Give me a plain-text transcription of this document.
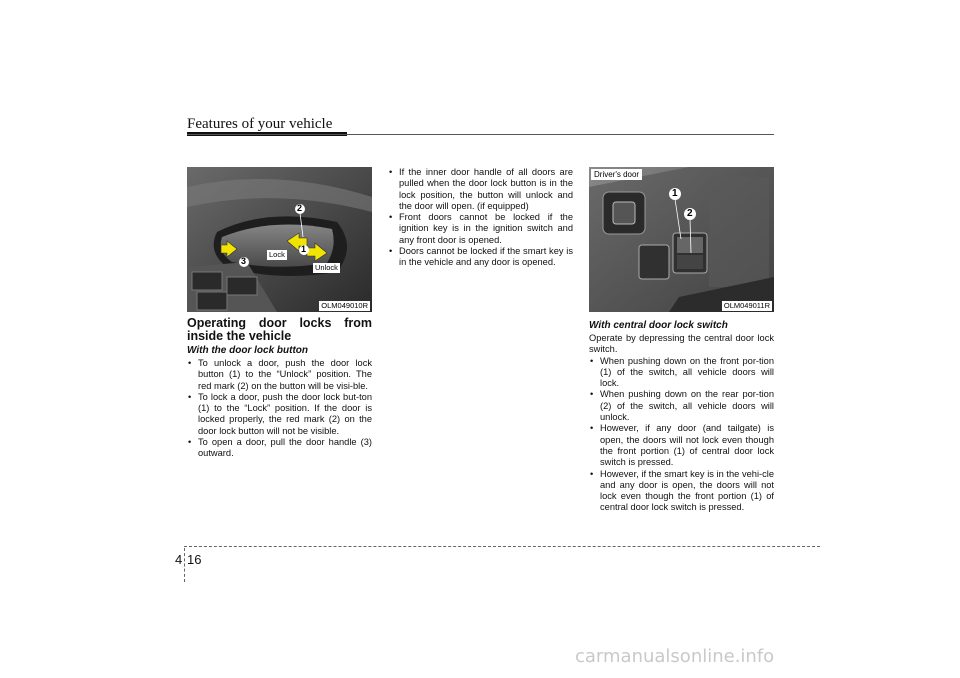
Features of your vehicle
2
1
3
Lock
Unlock
OLM049010R
1
2
Driver's door
OLM049011R
Operating door locks from inside the vehicle
With the door lock button
• To unlock a door, push the door lock button (1) to the “Unlock” position. The red mark (2) on the button will be visi-ble.
• To lock a door, push the door lock but-ton (1) to the “Lock” position. If the door is locked properly, the red mark (2) on the door lock button will not be visible.
• To open a door, pull the door handle (3) outward.
• If the inner door handle of all doors are pulled when the door lock button is in the lock position, the button will unlock and the door will open. (if equipped)
• Front doors cannot be locked if the ignition key is in the ignition switch and any front door is opened.
• Doors cannot be locked if the smart key is in the vehicle and any door is opened.
With central door lock switch

Operate by depressing the central door lock switch.

• When pushing down on the front por-tion (1) of the switch, all vehicle doors will lock.
• When pushing down on the rear por-tion (2) of the switch, all vehicle doors will unlock.
• However, if any door (and tailgate) is open, the doors will not lock even though the front portion (1) of central door lock switch is pressed.
• However, if the smart key is in the vehi-cle and any door is open, the doors will not lock even though the front portion (1) of central door lock switch is pressed.
4 16
carmanualsonline.info
